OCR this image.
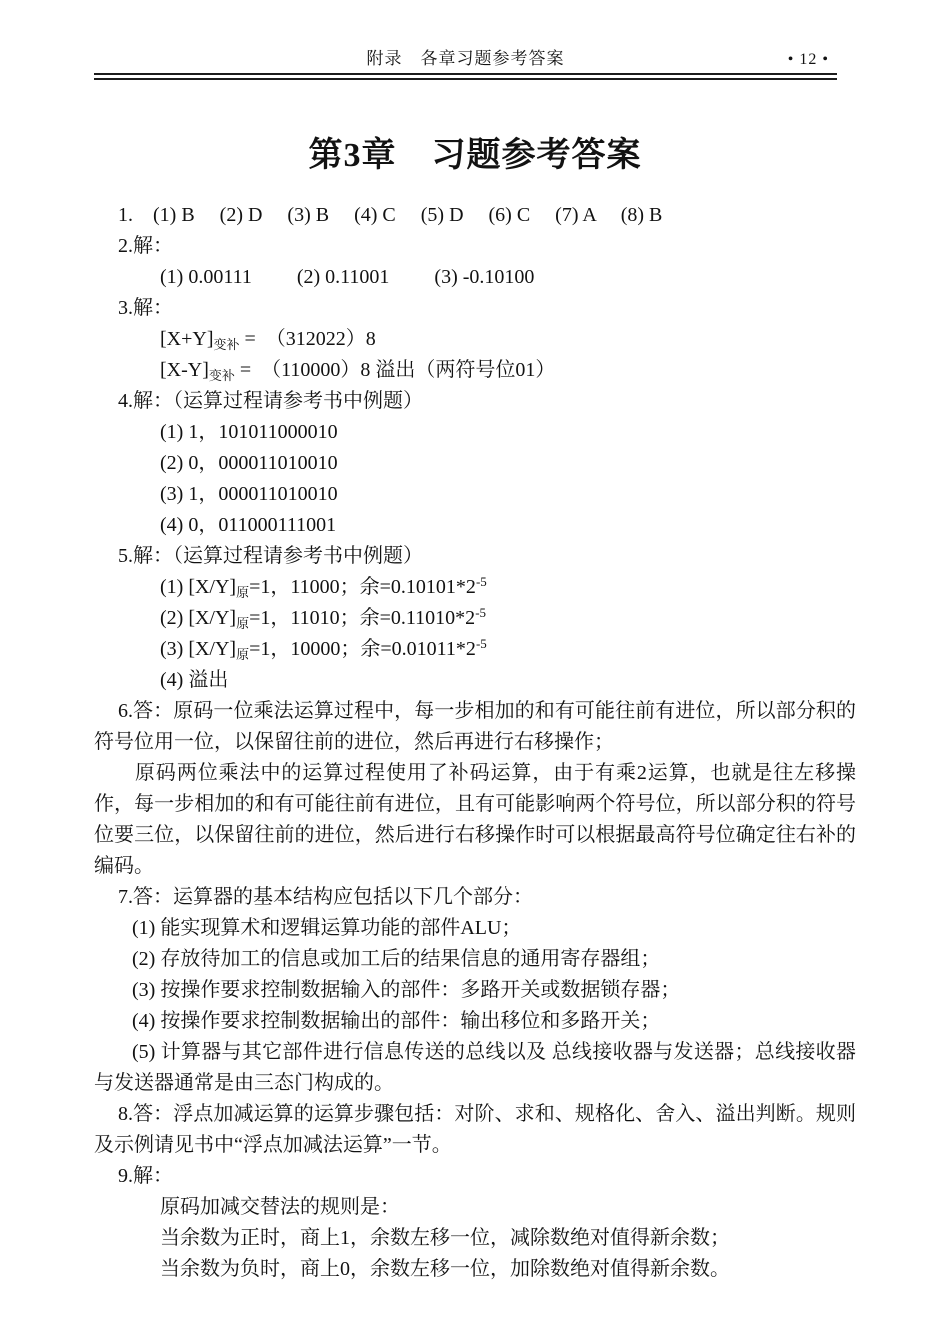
附录　各章习题参考答案	• 12 •
第3章　习题参考答案

1.　(1) B　 (2) D　 (3) B　 (4) C　 (5) D　 (6) C　 (7) A　 (8) B

2.解：

(1) 0.00111　　 (2) 0.11001　　 (3) -0.10100

3.解：

$[X+Y]_{变补}$ =　（312022）8

$[X-Y]_{变补}$ =　（110000）8 溢出（两符号位01）

4.解：（运算过程请参考书中例题）

(1) 1，101011000010

(2) 0，000011010010

(3) 1，000011010010

(4) 0，011000111001

5.解：（运算过程请参考书中例题）

(1) $[X/Y]_原=1$，11000；余$=0.10101*2^{-5}$

(2) $[X/Y]_原=1$，11010；余$=0.11010*2^{-5}$

(3) $[X/Y]_原=1$，10000；余$=0.01011*2^{-5}$

(4) 溢出

6.答：原码一位乘法运算过程中，每一步相加的和有可能往前有进位，所以部分积的符号位用一位，以保留往前的进位，然后再进行右移操作；

原码两位乘法中的运算过程使用了补码运算，由于有乘2运算，也就是往左移操作，每一步相加的和有可能往前有进位，且有可能影响两个符号位，所以部分积的符号位要三位，以保留往前的进位，然后进行右移操作时可以根据最高符号位确定往右补的编码。

7.答：运算器的基本结构应包括以下几个部分：

(1) 能实现算术和逻辑运算功能的部件ALU；

(2) 存放待加工的信息或加工后的结果信息的通用寄存器组；

(3) 按操作要求控制数据输入的部件：多路开关或数据锁存器；

(4) 按操作要求控制数据输出的部件：输出移位和多路开关；

(5) 计算器与其它部件进行信息传送的总线以及 总线接收器与发送器；总线接收器与发送器通常是由三态门构成的。

8.答：浮点加减运算的运算步骤包括：对阶、求和、规格化、舍入、溢出判断。规则及示例请见书中“浮点加减法运算”一节。

9.解：

原码加减交替法的规则是：

当余数为正时，商上1，余数左移一位，减除数绝对值得新余数；

当余数为负时，商上0，余数左移一位，加除数绝对值得新余数。
